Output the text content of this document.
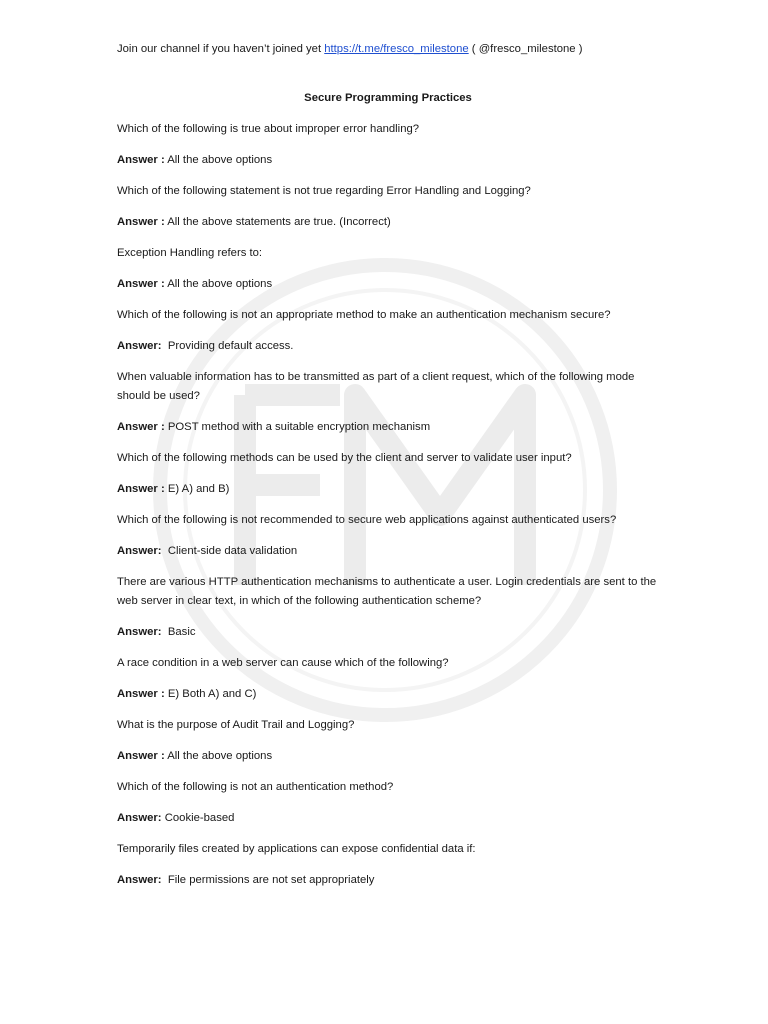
Join our channel if you haven’t joined yet https://t.me/fresco_milestone ( @fresco_milestone )

Secure Programming Practices

Which of the following is true about improper error handling?

Answer : All the above options

Which of the following statement is not true regarding Error Handling and Logging?

Answer : All the above statements are true. (Incorrect)

Exception Handling refers to:

Answer : All the above options

Which of the following is not an appropriate method to make an authentication mechanism secure?

Answer:  Providing default access.

When valuable information has to be transmitted as part of a client request, which of the following mode should be used?

Answer : POST method with a suitable encryption mechanism

Which of the following methods can be used by the client and server to validate user input?

Answer : E) A) and B)

Which of the following is not recommended to secure web applications against authenticated users?

Answer:  Client-side data validation

There are various HTTP authentication mechanisms to authenticate a user. Login credentials are sent to the web server in clear text, in which of the following authentication scheme?

Answer:  Basic

A race condition in a web server can cause which of the following?

Answer : E) Both A) and C)

What is the purpose of Audit Trail and Logging?

Answer : All the above options

Which of the following is not an authentication method?

Answer: Cookie-based

Temporarily files created by applications can expose confidential data if:

Answer:  File permissions are not set appropriately
